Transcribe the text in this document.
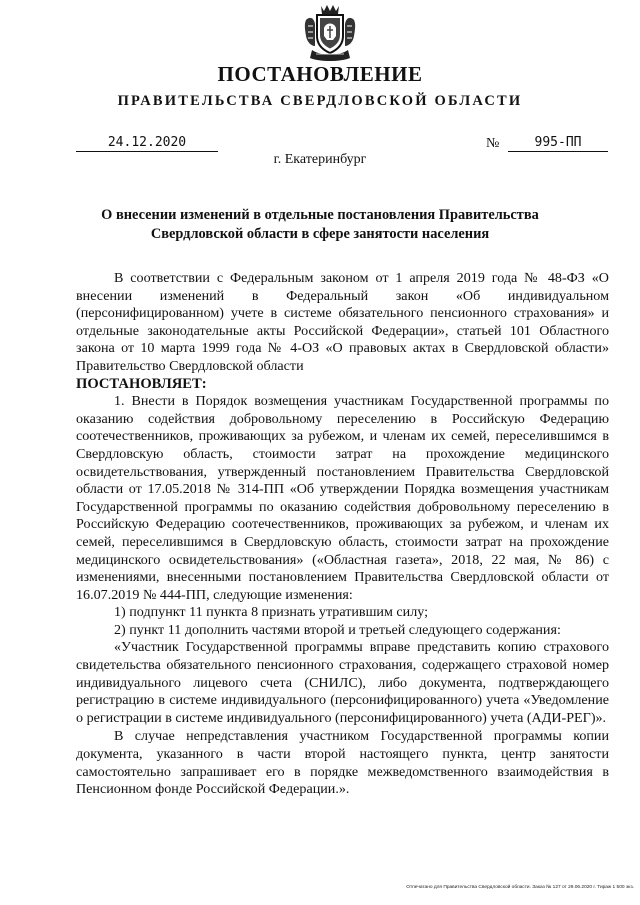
ПОСТАНОВЛЕНИЕ
ПРАВИТЕЛЬСТВА СВЕРДЛОВСКОЙ ОБЛАСТИ
24.12.2020	№	995-ПП
г. Екатеринбург
О внесении изменений в отдельные постановления Правительства Свердловской области в сфере занятости населения

В соответствии с Федеральным законом от 1 апреля 2019 года № 48-ФЗ «О внесении изменений в Федеральный закон «Об индивидуальном (персонифицированном) учете в системе обязательного пенсионного страхования» и отдельные законодательные акты Российской Федерации», статьей 101 Областного закона от 10 марта 1999 года № 4-ОЗ «О правовых актах в Свердловской области» Правительство Свердловской области

ПОСТАНОВЛЯЕТ:

1. Внести в Порядок возмещения участникам Государственной программы по оказанию содействия добровольному переселению в Российскую Федерацию соотечественников, проживающих за рубежом, и членам их семей, переселившимся в Свердловскую область, стоимости затрат на прохождение медицинского освидетельствования, утвержденный постановлением Правительства Свердловской области от 17.05.2018 № 314-ПП «Об утверждении Порядка возмещения участникам Государственной программы по оказанию содействия добровольному переселению в Российскую Федерацию соотечественников, проживающих за рубежом, и членам их семей, переселившимся в Свердловскую область, стоимости затрат на прохождение медицинского освидетельствования» («Областная газета», 2018, 22 мая, № 86) с изменениями, внесенными постановлением Правительства Свердловской области от 16.07.2019 № 444-ПП, следующие изменения:

1) подпункт 11 пункта 8 признать утратившим силу;

2) пункт 11 дополнить частями второй и третьей следующего содержания:

«Участник Государственной программы вправе представить копию страхового свидетельства обязательного пенсионного страхования, содержащего страховой номер индивидуального лицевого счета (СНИЛС), либо документа, подтверждающего регистрацию в системе индивидуального (персонифицированного) учета «Уведомление о регистрации в системе индивидуального (персонифицированного) учета (АДИ-РЕГ)».

В случае непредставления участником Государственной программы копии документа, указанного в части второй настоящего пункта, центр занятости самостоятельно запрашивает его в порядке межведомственного взаимодействия в Пенсионном фонде Российской Федерации.».

Отпечатано для Правительства Свердловской области. Заказ № 127 от 29.06.2020 г. Тираж 1 500 экз.
